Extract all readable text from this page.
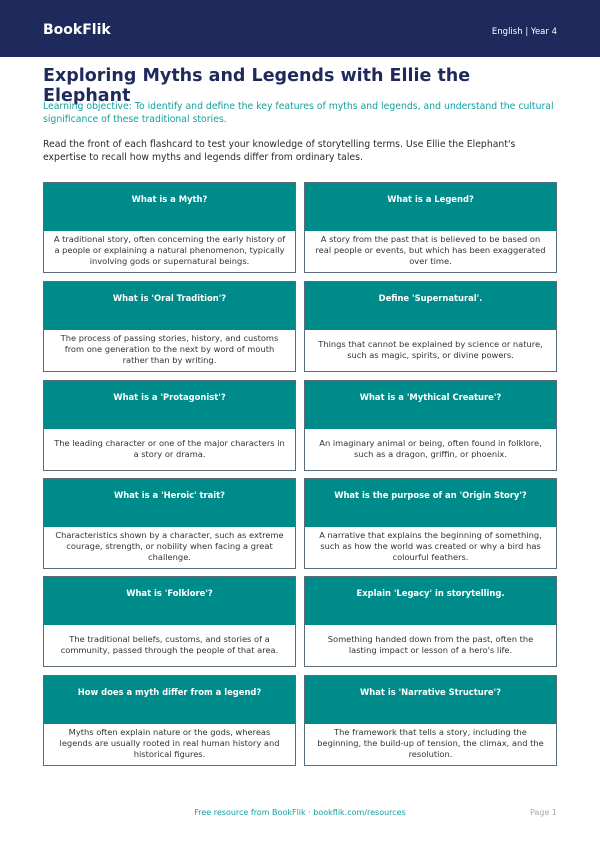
BookFlik	English | Year 4
Exploring Myths and Legends with Ellie the Elephant
Learning objective: To identify and define the key features of myths and legends, and understand the cultural significance of these traditional stories.
Read the front of each flashcard to test your knowledge of storytelling terms. Use Ellie the Elephant's expertise to recall how myths and legends differ from ordinary tales.
What is a Myth?
A traditional story, often concerning the early history of a people or explaining a natural phenomenon, typically involving gods or supernatural beings.
What is a Legend?
A story from the past that is believed to be based on real people or events, but which has been exaggerated over time.
What is 'Oral Tradition'?
The process of passing stories, history, and customs from one generation to the next by word of mouth rather than by writing.
Define 'Supernatural'.
Things that cannot be explained by science or nature, such as magic, spirits, or divine powers.
What is a 'Protagonist'?
The leading character or one of the major characters in a story or drama.
What is a 'Mythical Creature'?
An imaginary animal or being, often found in folklore, such as a dragon, griffin, or phoenix.
What is a 'Heroic' trait?
Characteristics shown by a character, such as extreme courage, strength, or nobility when facing a great challenge.
What is the purpose of an 'Origin Story'?
A narrative that explains the beginning of something, such as how the world was created or why a bird has colourful feathers.
What is 'Folklore'?
The traditional beliefs, customs, and stories of a community, passed through the people of that area.
Explain 'Legacy' in storytelling.
Something handed down from the past, often the lasting impact or lesson of a hero's life.
How does a myth differ from a legend?
Myths often explain nature or the gods, whereas legends are usually rooted in real human history and historical figures.
What is 'Narrative Structure'?
The framework that tells a story, including the beginning, the build-up of tension, the climax, and the resolution.
Free resource from BookFlik · bookflik.com/resources	Page 1
